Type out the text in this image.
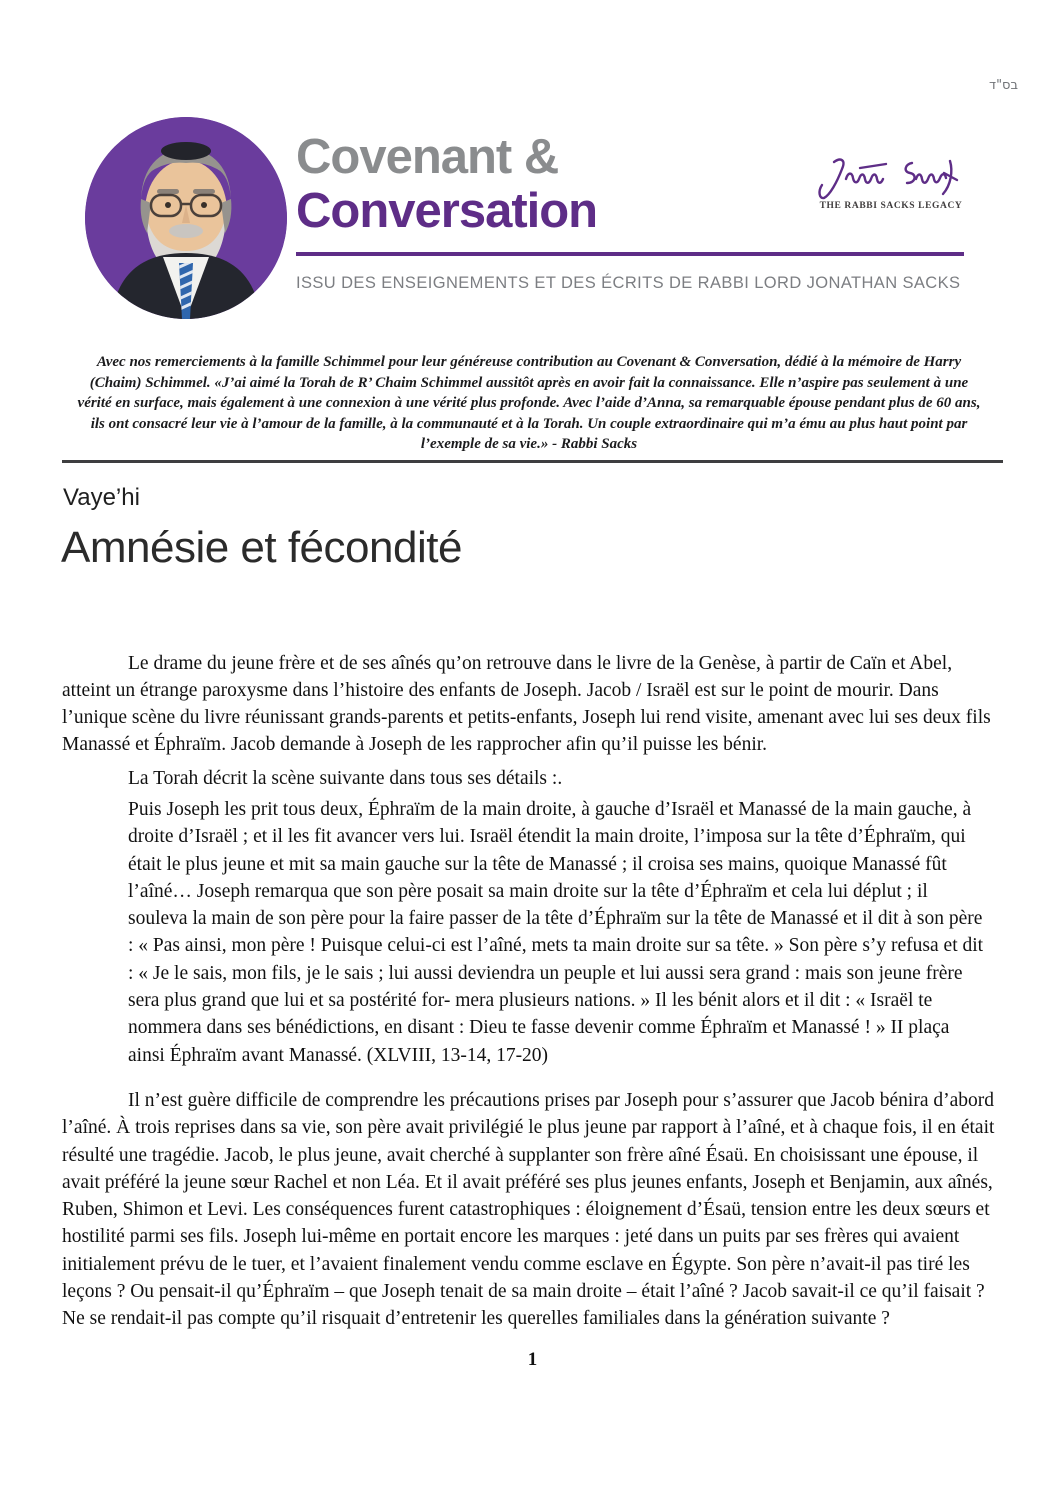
בס"ד
Covenant &
Conversation
ISSU DES ENSEIGNEMENTS ET DES ÉCRITS DE RABBI LORD JONATHAN SACKS
THE RABBI SACKS LEGACY

Avec nos remerciements à la famille Schimmel pour leur généreuse contribution au Covenant & Conversation, dédié à la mémoire de Harry (Chaim) Schimmel. «J’ai aimé la Torah de R’ Chaim Schimmel aussitôt après en avoir fait la connaissance. Elle n’aspire pas seulement à une vérité en surface, mais également à une connexion à une vérité plus profonde. Avec l’aide d’Anna, sa remarquable épouse pendant plus de 60 ans, ils ont consacré leur vie à l’amour de la famille, à la communauté et à la Torah. Un couple extraordinaire qui m’a ému au plus haut point par l’exemple de sa vie.» - Rabbi Sacks

Vaye’hi
Amnésie et fécondité

Le drame du jeune frère et de ses aînés qu’on retrouve dans le livre de la Genèse, à partir de Caïn et Abel, atteint un étrange paroxysme dans l’histoire des enfants de Joseph. Jacob / Israël est sur le point de mourir. Dans l’unique scène du livre réunissant grands-parents et petits-enfants, Joseph lui rend visite, amenant avec lui ses deux fils Manassé et Éphraïm. Jacob demande à Joseph de les rapprocher afin qu’il puisse les bénir.

La Torah décrit la scène suivante dans tous ses détails :.

Puis Joseph les prit tous deux, Éphraïm de la main droite, à gauche d’Israël et Manassé de la main gauche, à droite d’Israël ; et il les fit avancer vers lui. Israël étendit la main droite, l’imposa sur la tête d’Éphraïm, qui était le plus jeune et mit sa main gauche sur la tête de Manassé ; il croisa ses mains, quoique Manassé fût l’aîné… Joseph remarqua que son père posait sa main droite sur la tête d’Éphraïm et cela lui déplut ; il souleva la main de son père pour la faire passer de la tête d’Éphraïm sur la tête de Manassé et il dit à son père : « Pas ainsi, mon père ! Puisque celui-ci est l’aîné, mets ta main droite sur sa tête. » Son père s’y refusa et dit : « Je le sais, mon fils, je le sais ; lui aussi deviendra un peuple et lui aussi sera grand : mais son jeune frère sera plus grand que lui et sa postérité for- mera plusieurs nations. » Il les bénit alors et il dit : « Israël te nommera dans ses bénédictions, en disant : Dieu te fasse devenir comme Éphraïm et Manassé ! » II plaça ainsi Éphraïm avant Manassé. (XLVIII, 13-14, 17-20)

Il n’est guère difficile de comprendre les précautions prises par Joseph pour s’assurer que Jacob bénira d’abord l’aîné. À trois reprises dans sa vie, son père avait privilégié le plus jeune par rapport à l’aîné, et à chaque fois, il en était résulté une tragédie. Jacob, le plus jeune, avait cherché à supplanter son frère aîné Ésaü. En choisissant une épouse, il avait préféré la jeune sœur Rachel et non Léa. Et il avait préféré ses plus jeunes enfants, Joseph et Benjamin, aux aînés, Ruben, Shimon et Levi. Les conséquences furent catastrophiques : éloignement d’Ésaü, tension entre les deux sœurs et hostilité parmi ses fils. Joseph lui-même en portait encore les marques : jeté dans un puits par ses frères qui avaient initialement prévu de le tuer, et l’avaient finalement vendu comme esclave en Égypte. Son père n’avait-il pas tiré les leçons ? Ou pensait-il qu’Éphraïm – que Joseph tenait de sa main droite – était l’aîné ? Jacob savait-il ce qu’il faisait ? Ne se rendait-il pas compte qu’il risquait d’entretenir les querelles familiales dans la génération suivante ?

1
